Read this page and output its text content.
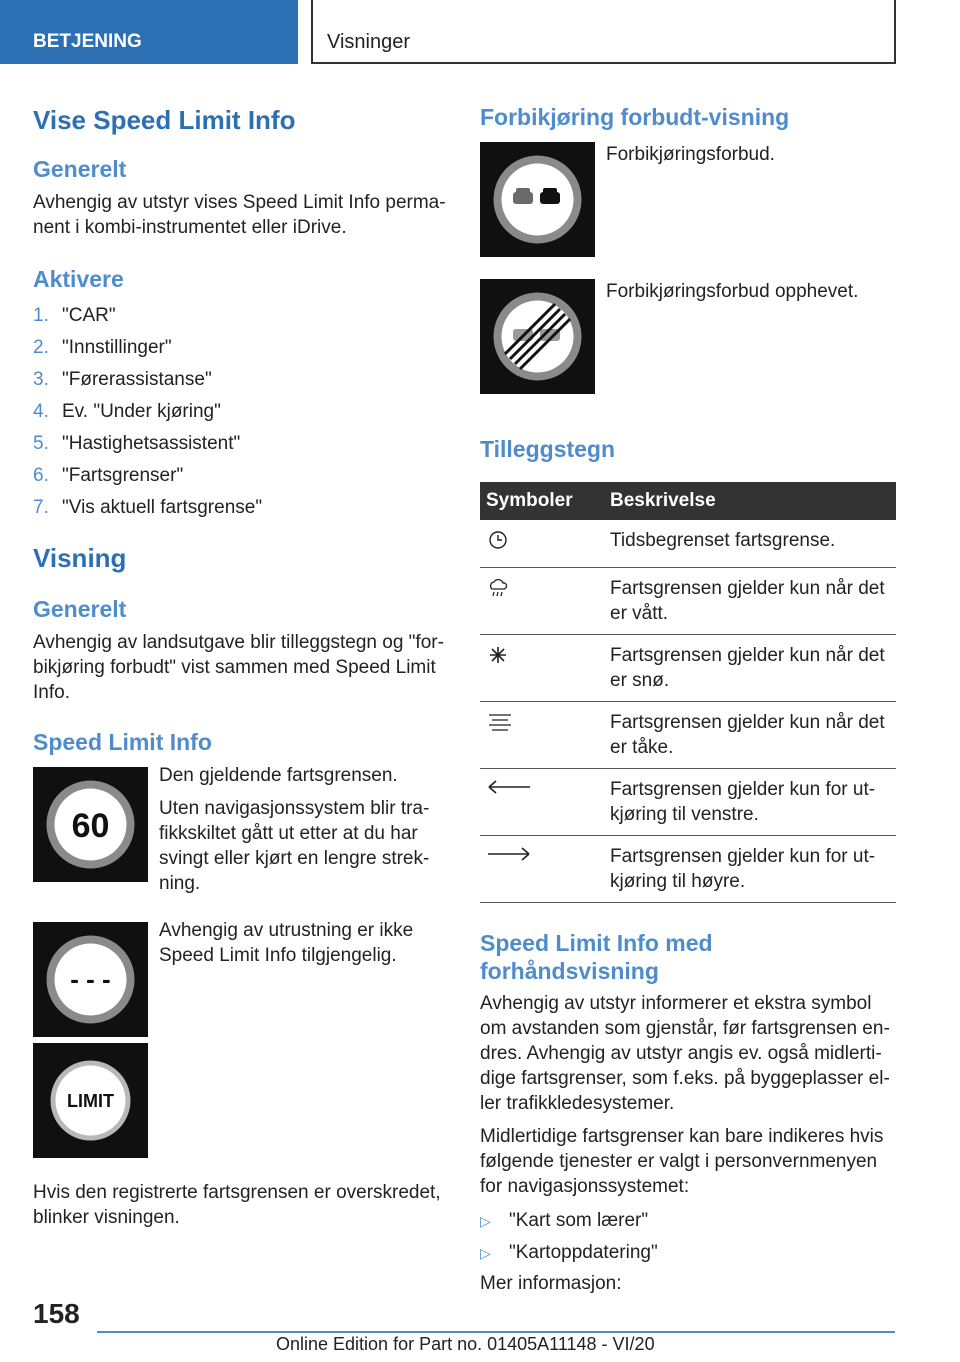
BETJENING	Visninger
Vise Speed Limit Info
Generelt

Avhengig av utstyr vises Speed Limit Info permanent i kombi-instrumentet eller iDrive.

Aktivere
1. "CAR"
2. "Innstillinger"
3. "Førerassistanse"
4. Ev. "Under kjøring"
5. "Hastighetsassistent"
6. "Fartsgrenser"
7. "Vis aktuell fartsgrense"
Visning
Generelt

Avhengig av landsutgave blir tilleggstegn og "forbikjøring forbudt" vist sammen med Speed Limit Info.

Speed Limit Info
60

Den gjeldende fartsgrensen.

Uten navigasjonssystem blir trafikkskiltet gått ut etter at du har svingt eller kjørt en lengre strekning.

- - -

Avhengig av utrustning er ikke Speed Limit Info tilgjengelig.

LIMIT

Hvis den registrerte fartsgrensen er overskredet, blinker visningen.

Forbikjøring forbudt-visning

Forbikjøringsforbud.

Forbikjøringsforbud opphevet.

Tilleggstegn
Symboler	Beskrivelse
	Tidsbegrenset fartsgrense.
	Fartsgrensen gjelder kun når det er vått.
	Fartsgrensen gjelder kun når det er snø.
	Fartsgrensen gjelder kun når det er tåke.
	Fartsgrensen gjelder kun for utkjøring til venstre.
	Fartsgrensen gjelder kun for utkjøring til høyre.
Speed Limit Info med
forhåndsvisning

Avhengig av utstyr informerer et ekstra symbol om avstanden som gjenstår, før fartsgrensen endres. Avhengig av utstyr angis ev. også midlertidige fartsgrenser, som f.eks. på byggeplasser eller trafikkledesystemer.

Midlertidige fartsgrenser kan bare indikeres hvis følgende tjenester er valgt i personvernmenyen for navigasjonssystemet:

▷ "Kart som lærer"
▷ "Kartoppdatering"

Mer informasjon:

158
Online Edition for Part no. 01405A11148 - VI/20
